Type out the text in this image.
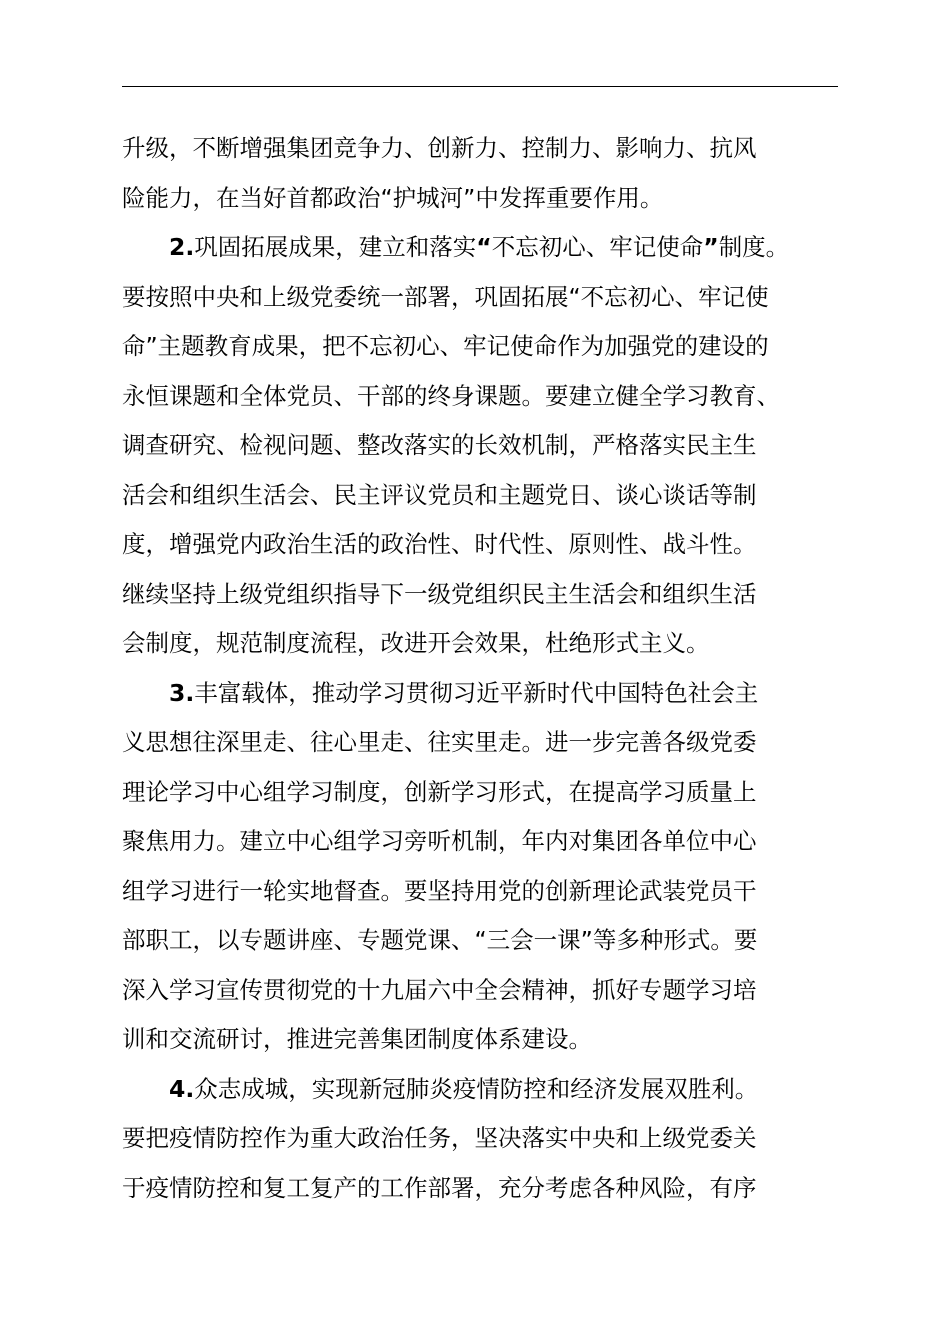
升级，不断增强集团竞争力、创新力、控制力、影响力、抗风
险能力，在当好首都政治“护城河”中发挥重要作用。
2.巩固拓展成果，建立和落实“不忘初心、牢记使命”制度。
要按照中央和上级党委统一部署，巩固拓展“不忘初心、牢记使
命”主题教育成果，把不忘初心、牢记使命作为加强党的建设的
永恒课题和全体党员、干部的终身课题。要建立健全学习教育、
调查研究、检视问题、整改落实的长效机制，严格落实民主生
活会和组织生活会、民主评议党员和主题党日、谈心谈话等制
度，增强党内政治生活的政治性、时代性、原则性、战斗性。
继续坚持上级党组织指导下一级党组织民主生活会和组织生活
会制度，规范制度流程，改进开会效果，杜绝形式主义。
3.丰富载体，推动学习贯彻习近平新时代中国特色社会主
义思想往深里走、往心里走、往实里走。进一步完善各级党委
理论学习中心组学习制度，创新学习形式，在提高学习质量上
聚焦用力。建立中心组学习旁听机制，年内对集团各单位中心
组学习进行一轮实地督查。要坚持用党的创新理论武装党员干
部职工，以专题讲座、专题党课、“三会一课”等多种形式。要
深入学习宣传贯彻党的十九届六中全会精神，抓好专题学习培
训和交流研讨，推进完善集团制度体系建设。
4.众志成城，实现新冠肺炎疫情防控和经济发展双胜利。
要把疫情防控作为重大政治任务，坚决落实中央和上级党委关
于疫情防控和复工复产的工作部署，充分考虑各种风险，有序
